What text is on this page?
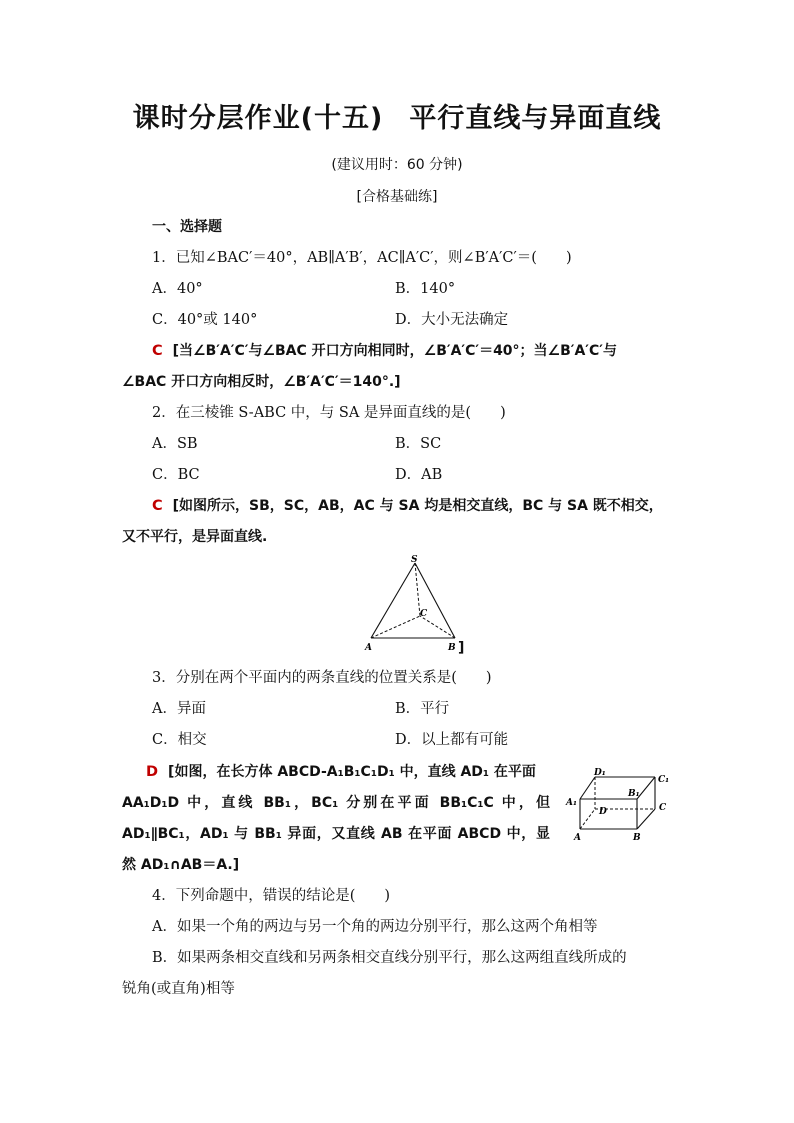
课时分层作业(十五) 平行直线与异面直线
(建议用时：60 分钟)
[合格基础练]
一、选择题
1．已知∠BAC′＝40°，AB∥A′B′，AC∥A′C′，则∠B′A′C′＝(　　)
A．40°	B．140°
C．40°或 140°	D．大小无法确定
C [当∠B′A′C′与∠BAC 开口方向相同时，∠B′A′C′＝40°；当∠B′A′C′与
∠BAC 开口方向相反时，∠B′A′C′＝140°.]
2．在三棱锥 S-ABC 中，与 SA 是异面直线的是(　　)
A．SB	B．SC
C．BC	D．AB
C [如图所示，SB，SC，AB，AC 与 SA 均是相交直线，BC 与 SA 既不相交，
又不平行，是异面直线.
S
C
A	B ]
3．分别在两个平面内的两条直线的位置关系是(　　)
A．异面	B．平行
C．相交	D．以上都有可能
D [如图，在长方体 ABCD-A₁B₁C₁D₁ 中，直线 AD₁ 在平面
AA₁D₁D 中，直线 BB₁，BC₁ 分别在平面 BB₁C₁C 中，但
AD₁∥BC₁，AD₁ 与 BB₁ 异面，又直线 AB 在平面 ABCD 中，显
然 AD₁∩AB＝A.]
D₁
C₁
B₁
A₁	C
D
A	B
4．下列命题中，错误的结论是(　　)
A．如果一个角的两边与另一个角的两边分别平行，那么这两个角相等
B．如果两条相交直线和另两条相交直线分别平行，那么这两组直线所成的
锐角(或直角)相等
